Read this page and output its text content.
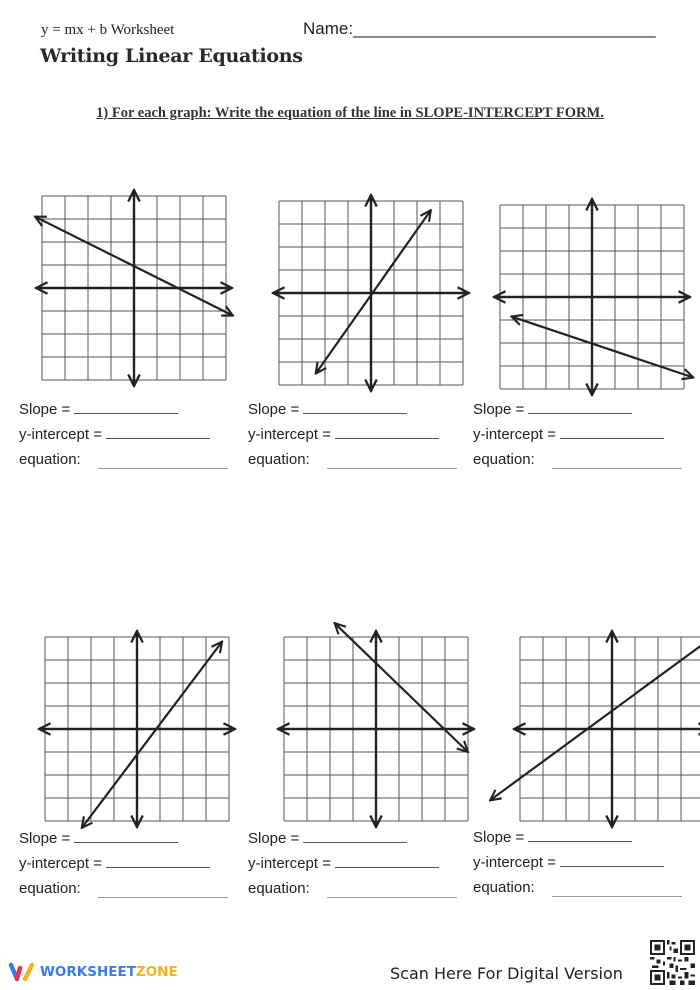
y = mx + b Worksheet	Name:________________________________
Writing Linear Equations
1) For each graph: Write the equation of the line in SLOPE-INTERCEPT FORM.
Slope =
y-intercept =
equation:
Slope =
y-intercept =
equation:
Slope =
y-intercept =
equation:
Slope =
y-intercept =
equation:
Slope =
y-intercept =
equation:
Slope =
y-intercept =
equation:
WORKSHEET ZONE	Scan Here For Digital Version
